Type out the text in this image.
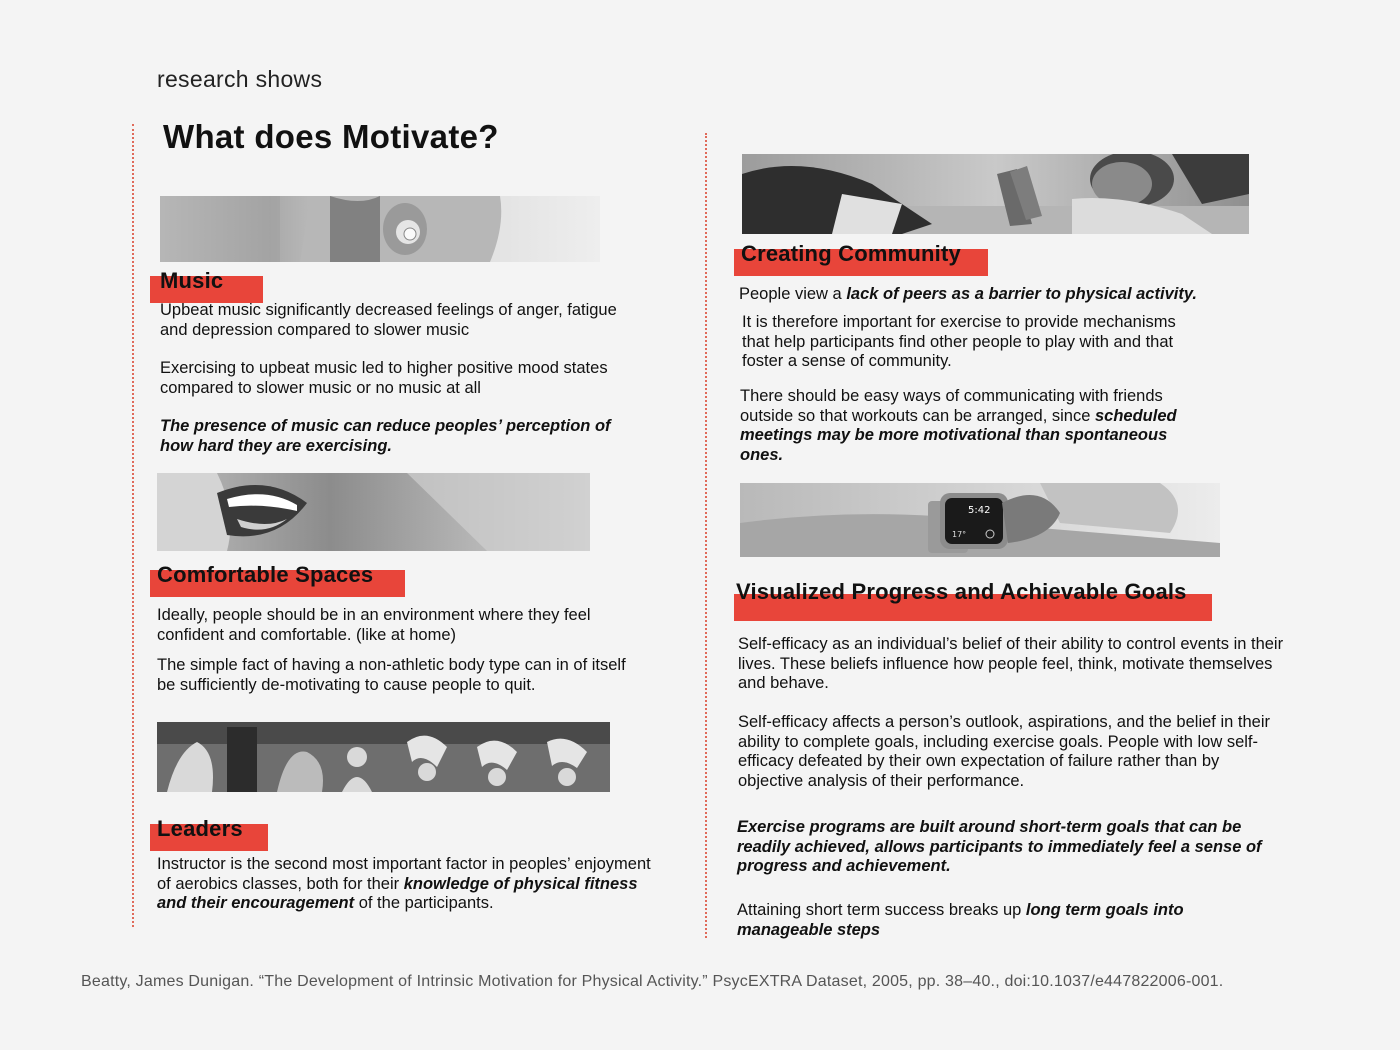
research shows
What does Motivate?
Music
Upbeat music significantly decreased feelings of anger, fatigue and depression compared to slower music
Exercising to upbeat music led to higher positive mood states compared to slower music or no music at all
The presence of music can reduce peoples’ perception of how hard they are exercising.
Comfortable Spaces
Ideally, people should be in an environment where they feel confident and comfortable. (like at home)
The simple fact of having a non-athletic body type can in of itself be sufficiently de-motivating to cause people to quit.
Leaders
Instructor is the second most important factor in peoples’ enjoyment of aerobics classes, both for their knowledge of physical fitness and their encouragement of the participants.
Creating Community
People view a lack of peers as a barrier to physical activity.
It is therefore important for exercise to provide mechanisms that help participants find other people to play with and that foster a sense of community.
There should be easy ways of communicating with friends outside so that workouts can be arranged, since scheduled meetings may be more motivational than spontaneous ones.
5:42
17°
Visualized Progress and Achievable Goals
Self-efficacy as an individual’s belief of their ability to control events in their lives. These beliefs influence how people feel, think, motivate themselves and behave.
Self-efficacy affects a person’s outlook, aspirations, and the belief in their ability to complete goals, including exercise goals. People with low self-efficacy defeated by their own expectation of failure rather than by objective analysis of their performance.
Exercise programs are built around short-term goals that can be readily achieved, allows participants to immediately feel a sense of progress and achievement.
Attaining short term success breaks up long term goals into manageable steps
Beatty, James Dunigan. “The Development of Intrinsic Motivation for Physical Activity.” PsycEXTRA Dataset, 2005, pp. 38–40., doi:10.1037/e447822006-001.
